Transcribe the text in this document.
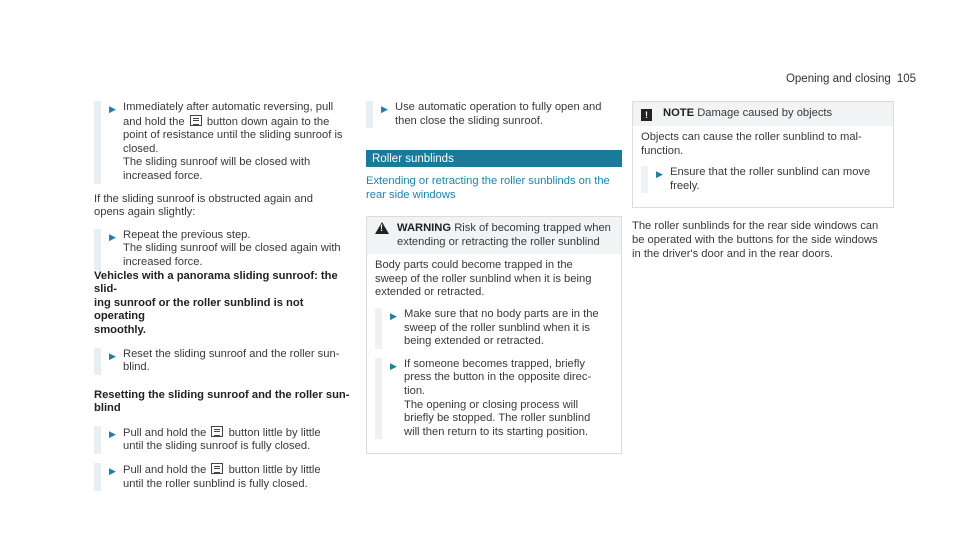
Opening and closing 105
▶ Immediately after automatic reversing, pull

and hold the button down again to the

point of resistance until the sliding sunroof is

closed.

The sliding sunroof will be closed with

increased force.

If the sliding sunroof is obstructed again and

opens again slightly:

▶ Repeat the previous step.

The sliding sunroof will be closed again with

increased force.

Vehicles with a panorama sliding sunroof: the slid-

ing sunroof or the roller sunblind is not operating

smoothly.

▶ Reset the sliding sunroof and the roller sun-

blind.

Resetting the sliding sunroof and the roller sun-

blind

▶ Pull and hold the button little by little

until the sliding sunroof is fully closed.

▶ Pull and hold the button little by little

until the roller sunblind is fully closed.

▶ Use automatic operation to fully open and

then close the sliding sunroof.

Roller sunblinds

Extending or retracting the roller sunblinds on the

rear side windows

!

WARNING Risk of becoming trapped when

extending or retracting the roller sunblind

Body parts could become trapped in the

sweep of the roller sunblind when it is being

extended or retracted.

▶ Make sure that no body parts are in the

sweep of the roller sunblind when it is

being extended or retracted.

▶ If someone becomes trapped, briefly

press the button in the opposite direc-

tion.

The opening or closing process will

briefly be stopped. The roller sunblind

will then return to its starting position.

!	NOTE Damage caused by objects

Objects can cause the roller sunblind to mal-

function.

▶ Ensure that the roller sunblind can move

freely.

The roller sunblinds for the rear side windows can

be operated with the buttons for the side windows

in the driver's door and in the rear doors.
